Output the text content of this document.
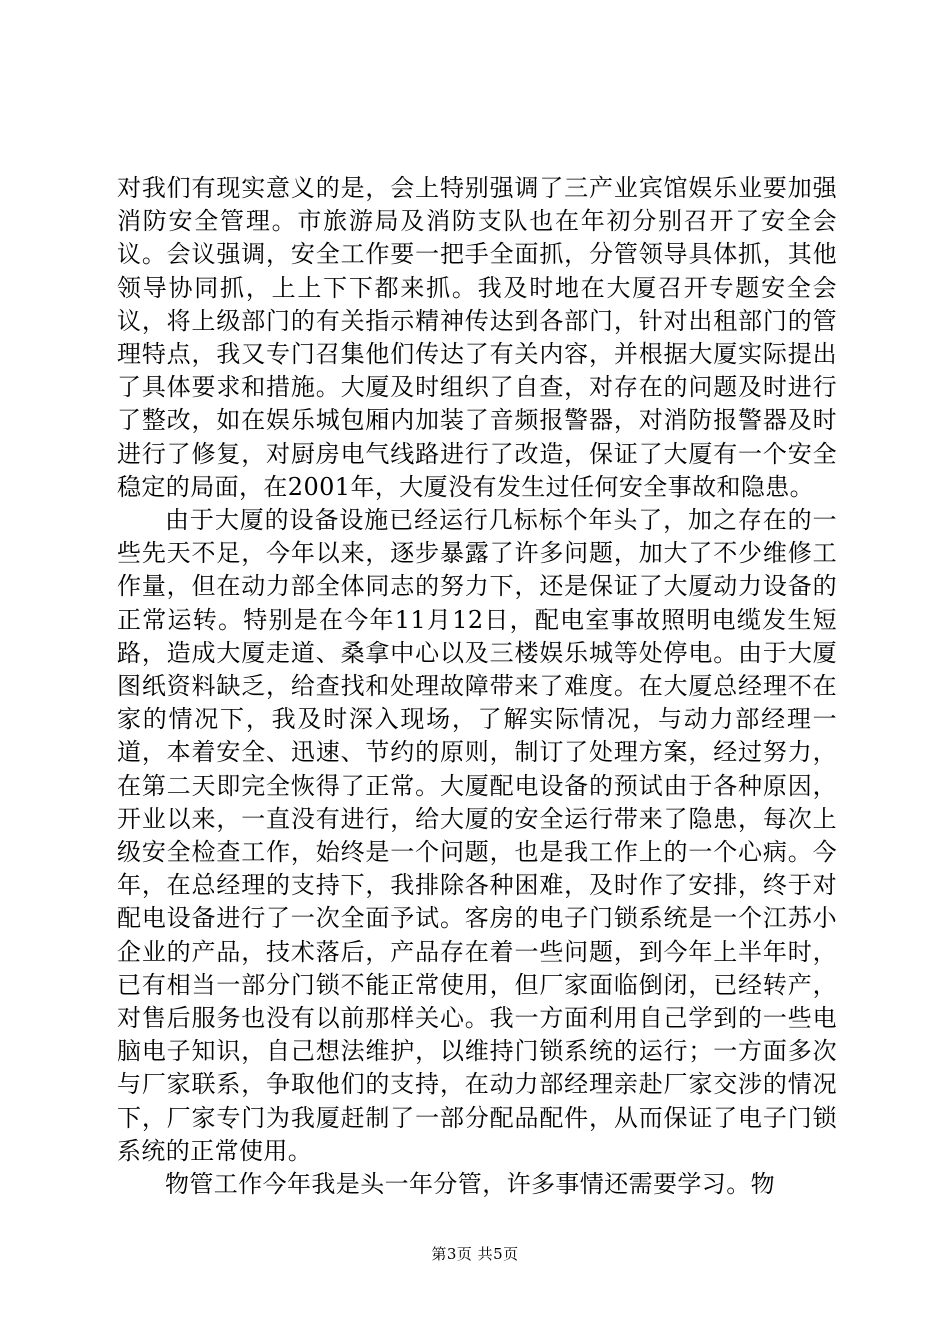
对我们有现实意义的是，会上特别强调了三产业宾馆娱乐业要加强消防安全管理。市旅游局及消防支队也在年初分别召开了安全会议。会议强调，安全工作要一把手全面抓，分管领导具体抓，其他领导协同抓，上上下下都来抓。我及时地在大厦召开专题安全会议，将上级部门的有关指示精神传达到各部门，针对出租部门的管理特点，我又专门召集他们传达了有关内容，并根据大厦实际提出了具体要求和措施。大厦及时组织了自查，对存在的问题及时进行了整改，如在娱乐城包厢内加装了音频报警器，对消防报警器及时进行了修复，对厨房电气线路进行了改造，保证了大厦有一个安全稳定的局面，在2001年，大厦没有发生过任何安全事故和隐患。

由于大厦的设备设施已经运行几标标个年头了，加之存在的一些先天不足，今年以来，逐步暴露了许多问题，加大了不少维修工作量，但在动力部全体同志的努力下，还是保证了大厦动力设备的正常运转。特别是在今年11月12日，配电室事故照明电缆发生短路，造成大厦走道、桑拿中心以及三楼娱乐城等处停电。由于大厦图纸资料缺乏，给查找和处理故障带来了难度。在大厦总经理不在家的情况下，我及时深入现场，了解实际情况，与动力部经理一道，本着安全、迅速、节约的原则，制订了处理方案，经过努力，在第二天即完全恢得了正常。大厦配电设备的预试由于各种原因，开业以来，一直没有进行，给大厦的安全运行带来了隐患，每次上级安全检查工作，始终是一个问题，也是我工作上的一个心病。今年，在总经理的支持下，我排除各种困难，及时作了安排，终于对配电设备进行了一次全面予试。客房的电子门锁系统是一个江苏小企业的产品，技术落后，产品存在着一些问题，到今年上半年时，已有相当一部分门锁不能正常使用，但厂家面临倒闭，已经转产，对售后服务也没有以前那样关心。我一方面利用自己学到的一些电脑电子知识，自己想法维护，以维持门锁系统的运行；一方面多次与厂家联系，争取他们的支持，在动力部经理亲赴厂家交涉的情况下，厂家专门为我厦赶制了一部分配品配件，从而保证了电子门锁系统的正常使用。

物管工作今年我是头一年分管，许多事情还需要学习。物

第3页 共5页
